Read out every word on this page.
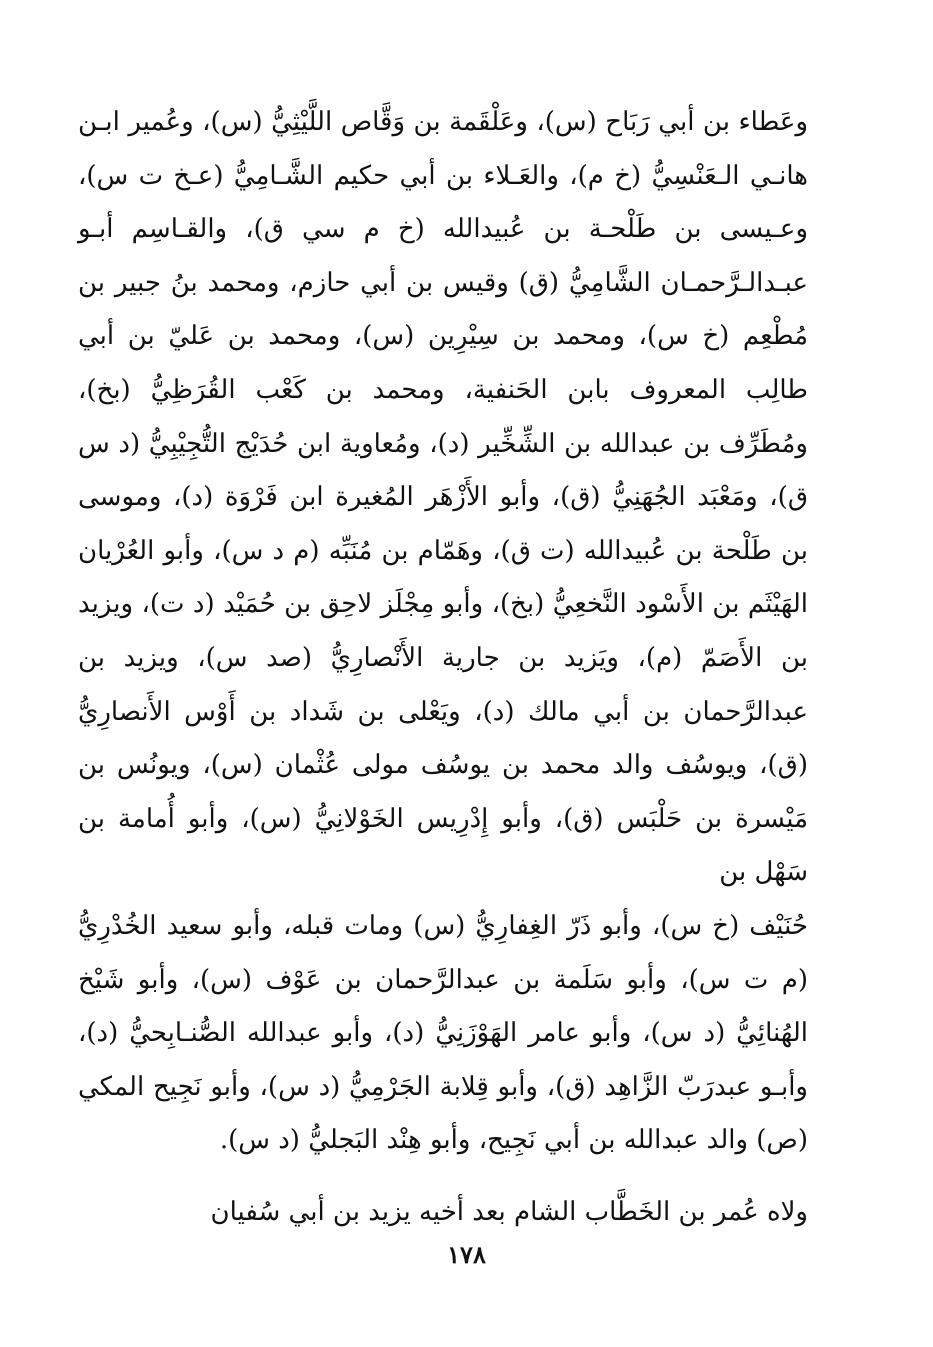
وعَطاء بن أبي رَبَاح (س)، وعَلْقَمة بن وَقَّاص اللَّيْثِيُّ (س)، وعُمير ابـن هانـي الـعَنْسِيُّ (خ م)، والعَـلاء بن أبي حكيم الشَّـامِيُّ (عـخ ت س)، وعـيسى بن طَلْحـة بن عُبيدالله (خ م سي ق)، والقـاسِم أبـو عبـدالـرَّحمـان الشَّامِيُّ (ق) وقيس بن أبي حازم، ومحمد بنُ جبير بن مُطْعِم (خ س)، ومحمد بن سِيْرِين (س)، ومحمد بن عَليّ بن أبي طالِب المعروف بابن الحَنفية، ومحمد بن كَعْب القُرَظِيُّ (بخ)، ومُطَرِّف بن عبدالله بن الشِّخِّير (د)، ومُعاوية ابن حُدَيْج التُّجِيْبِيُّ (د س ق)، ومَعْبَد الجُهَنِيُّ (ق)، وأبو الأَزْهَر المُغيرة ابن فَرْوَة (د)، وموسى بن طَلْحة بن عُبيدالله (ت ق)، وهَمّام بن مُنَبِّه (م د س)، وأبو العُرْيان الهَيْثَم بن الأَسْود النَّخعِيُّ (بخ)، وأبو مِجْلَز لاحِق بن حُمَيْد (د ت)، ويزيد بن الأَصَمّ (م)، ويَزيد بن جارية الأَنْصارِيُّ (صد س)، ويزيد بن عبدالرَّحمان بن أبي مالك (د)، ويَعْلى بن شَداد بن أَوْس الأَنصارِيُّ (ق)، ويوسُف والد محمد بن يوسُف مولى عُثْمان (س)، ويونُس بن مَيْسرة بن حَلْبَس (ق)، وأبو إِدْرِيس الخَوْلانِيُّ (س)، وأبو أُمامة بن سَهْل بن

حُنَيْف (خ س)، وأبو ذَرّ الغِفارِيُّ (س) ومات قبله، وأبو سعيد الخُدْرِيُّ (م ت س)، وأبو سَلَمة بن عبدالرَّحمان بن عَوْف (س)، وأبو شَيْخ الهُنائِيُّ (د س)، وأبو عامر الهَوْزَنِيُّ (د)، وأبو عبدالله الصُّنـابِحيُّ (د)، وأبـو عبدرَبّ الزَّاهِد (ق)، وأبو قِلابة الجَرْمِيُّ (د س)، وأبو نَجِيح المكي (ص) والد عبدالله بن أبي نَجِيح، وأبو هِنْد البَجليُّ (د س).

ولاه عُمر بن الخَطَّاب الشام بعد أخيه يزيد بن أبي سُفيان

١٧٨
